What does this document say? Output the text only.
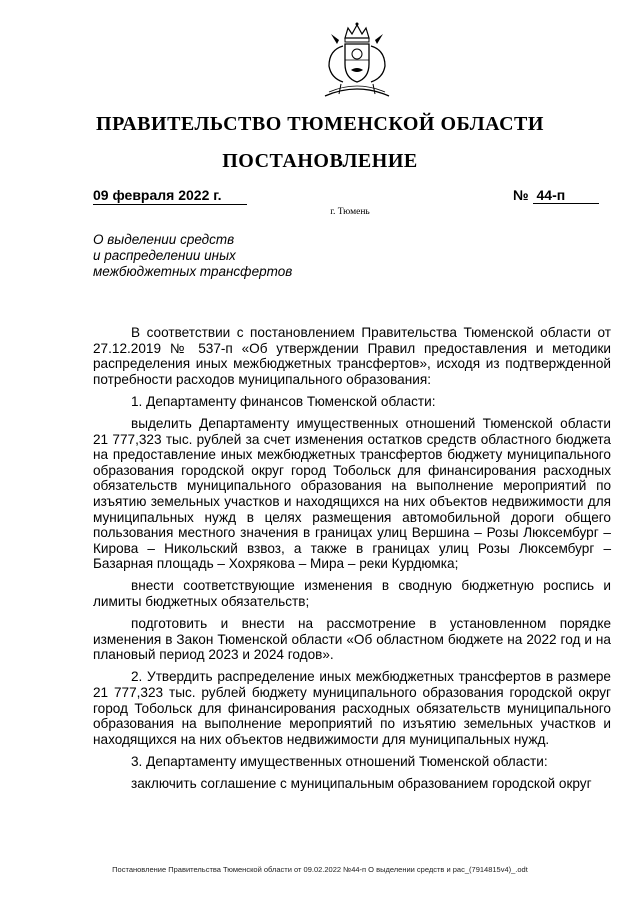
ПРАВИТЕЛЬСТВО ТЮМЕНСКОЙ ОБЛАСТИ
ПОСТАНОВЛЕНИЕ
09 февраля 2022 г.	№ 44-п
г. Тюмень
О выделении средств
и распределении иных
межбюджетных трансфертов

В соответствии с постановлением Правительства Тюменской области от 27.12.2019 № 537-п «Об утверждении Правил предоставления и методики распределения иных межбюджетных трансфертов», исходя из подтвержденной потребности расходов муниципального образования:

1. Департаменту финансов Тюменской области:

выделить Департаменту имущественных отношений Тюменской области 21 777,323 тыс. рублей за счет изменения остатков средств областного бюджета на предоставление иных межбюджетных трансфертов бюджету муниципального образования городской округ город Тобольск для финансирования расходных обязательств муниципального образования на выполнение мероприятий по изъятию земельных участков и находящихся на них объектов недвижимости для муниципальных нужд в целях размещения автомобильной дороги общего пользования местного значения в границах улиц Вершина – Розы Люксембург – Кирова – Никольский взвоз, а также в границах улиц Розы Люксембург – Базарная площадь – Хохрякова – Мира – реки Курдюмка;

внести соответствующие изменения в сводную бюджетную роспись и лимиты бюджетных обязательств;

подготовить и внести на рассмотрение в установленном порядке изменения в Закон Тюменской области «Об областном бюджете на 2022 год и на плановый период 2023 и 2024 годов».

2. Утвердить распределение иных межбюджетных трансфертов в размере 21 777,323 тыс. рублей бюджету муниципального образования городской округ город Тобольск для финансирования расходных обязательств муниципального образования на выполнение мероприятий по изъятию земельных участков и находящихся на них объектов недвижимости для муниципальных нужд.

3. Департаменту имущественных отношений Тюменской области:

заключить соглашение с муниципальным образованием городской округ

Постановление Правительства Тюменской области от 09.02.2022 №44-п О выделении средств и рас_(7914815v4)_.odt
